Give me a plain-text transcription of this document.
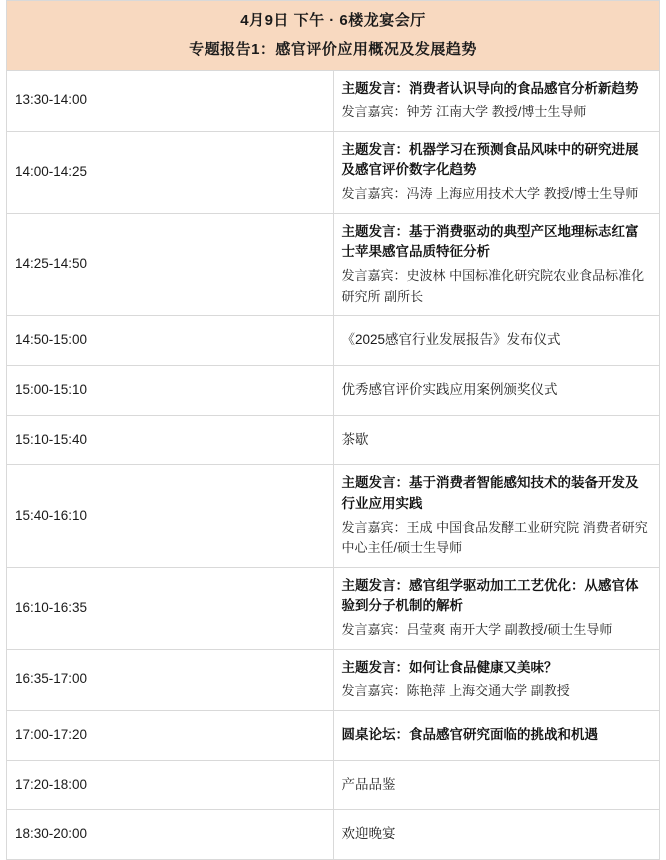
4月9日 下午 · 6楼龙宴会厅
专题报告1：感官评价应用概况及发展趋势	

13:30-14:00	主题发言：消费者认识导向的食品感官分析新趋势
发言嘉宾：钟芳 江南大学 教授/博士生导师

14:00-14:25	主题发言：机器学习在预测食品风味中的研究进展及感官评价数字化趋势
发言嘉宾：冯涛 上海应用技术大学 教授/博士生导师

14:25-14:50	主题发言：基于消费驱动的典型产区地理标志红富士苹果感官品质特征分析
发言嘉宾：史波林 中国标准化研究院农业食品标准化研究所 副所长

14:50-15:00	《2025感官行业发展报告》发布仪式

15:00-15:10	优秀感官评价实践应用案例颁奖仪式

15:10-15:40	茶歇

15:40-16:10	主题发言：基于消费者智能感知技术的装备开发及行业应用实践
发言嘉宾：王成 中国食品发酵工业研究院 消费者研究中心主任/硕士生导师

16:10-16:35	主题发言：感官组学驱动加工工艺优化：从感官体验到分子机制的解析
发言嘉宾：吕莹爽 南开大学 副教授/硕士生导师

16:35-17:00	主题发言：如何让食品健康又美味？
发言嘉宾：陈艳萍 上海交通大学 副教授

17:00-17:20	圆桌论坛：食品感官研究面临的挑战和机遇

17:20-18:00	产品品鉴

18:30-20:00	欢迎晚宴
